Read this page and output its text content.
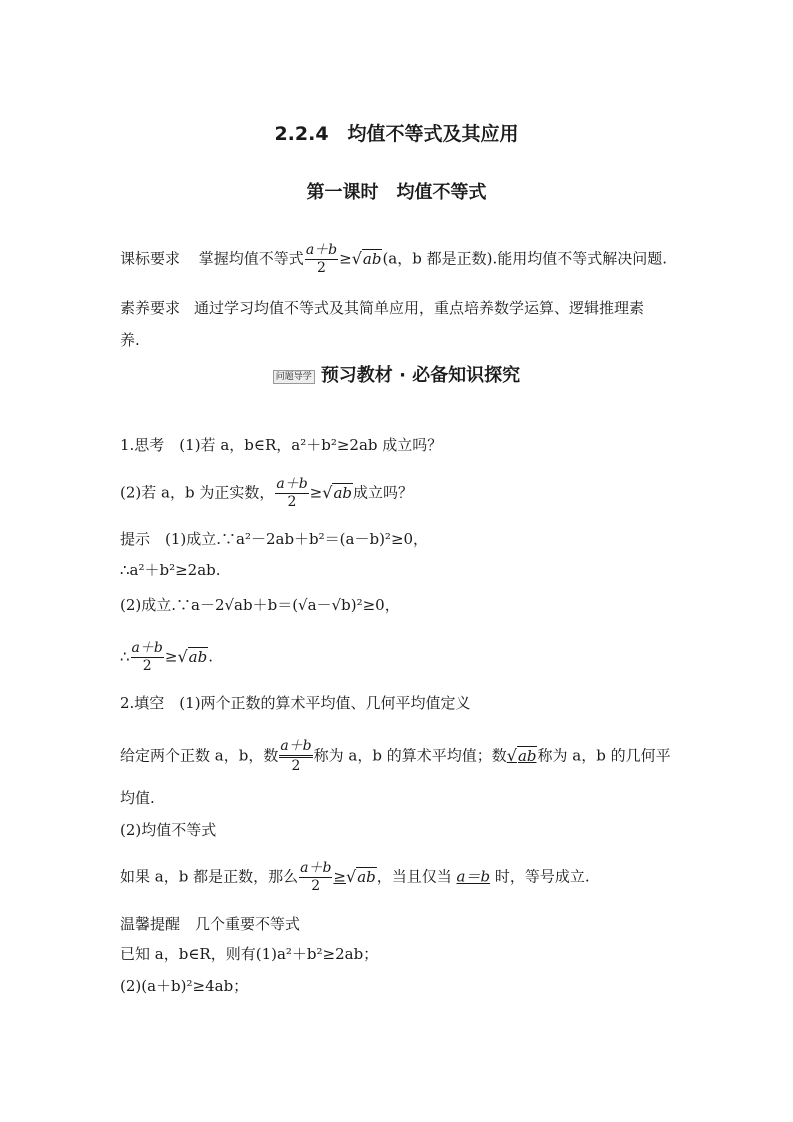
2.2.4　均值不等式及其应用
第一课时　均值不等式
课标要求 掌握均值不等式 $\frac{a+b}{2} \ge√ab(a$，b 都是正数).能用均值不等式解决问题.
素养要求 通过学习均值不等式及其简单应用，重点培养数学运算、逻辑推理素
养.
问题导学 预习教材 · 必备知识探究
1.思考　(1)若 a，b∈R，a²＋b²≥2ab 成立吗？
(2)若 a，b 为正实数， $\frac{a+b}{2} \ge√ab$成立吗？
提示　(1)成立.∵a²－2ab＋b²＝(a－b)²≥0，
∴a²＋b²≥2ab.
(2)成立.∵a－2√ab＋b＝(√a－√b)²≥0，
∴ $\frac{a+b}{2} \ge√ab$.
2.填空　(1)两个正数的算术平均值、几何平均值定义
给定两个正数 a，b，数 $\frac{a+b}{2}$ 称为 a，b 的算术平均值；数√ab称为 a，b 的几何平
均值.
(2)均值不等式
如果 a，b 都是正数，那么 $\frac{a+b}{2} \ge√ab$，当且仅当 a＝b 时，等号成立.
温馨提醒　几个重要不等式
已知 a，b∈R，则有(1)a²＋b²≥2ab；
(2)(a＋b)²≥4ab；
